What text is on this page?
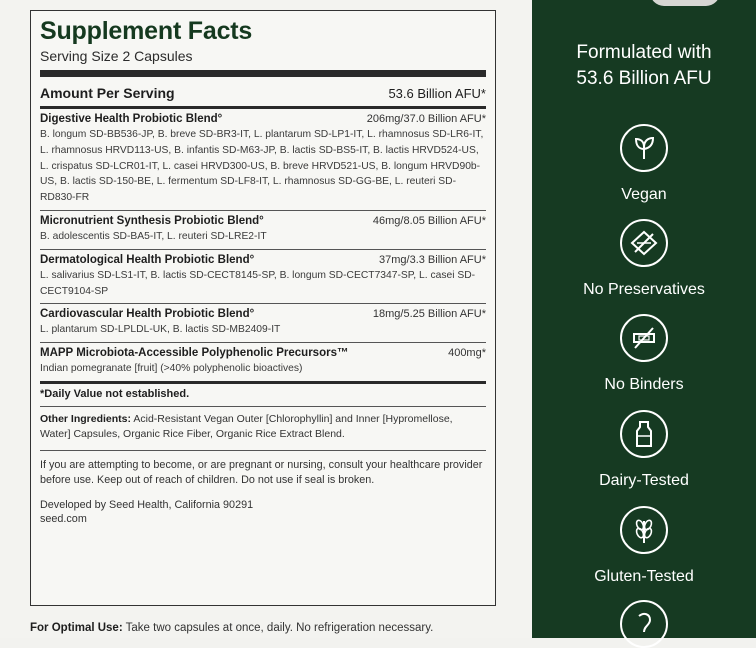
Supplement Facts
Serving Size 2 Capsules
Amount Per Serving	53.6 Billion AFU*
Digestive Health Probiotic Blend°	206mg/37.0 Billion AFU*
B. longum SD-BB536-JP, B. breve SD-BR3-IT, L. plantarum SD-LP1-IT, L. rhamnosus SD-LR6-IT, L. rhamnosus HRVD113-US, B. infantis SD-M63-JP, B. lactis SD-BS5-IT, B. lactis HRVD524-US, L. crispatus SD-LCR01-IT, L. casei HRVD300-US, B. breve HRVD521-US, B. longum HRVD90b-US, B. lactis SD-150-BE, L. fermentum SD-LF8-IT, L. rhamnosus SD-GG-BE, L. reuteri SD-RD830-FR
Micronutrient Synthesis Probiotic Blend°	46mg/8.05 Billion AFU*
B. adolescentis SD-BA5-IT, L. reuteri SD-LRE2-IT
Dermatological Health Probiotic Blend°	37mg/3.3 Billion AFU*
L. salivarius SD-LS1-IT, B. lactis SD-CECT8145-SP, B. longum SD-CECT7347-SP, L. casei SD-CECT9104-SP
Cardiovascular Health Probiotic Blend°	18mg/5.25 Billion AFU*
L. plantarum SD-LPLDL-UK, B. lactis SD-MB2409-IT
MAPP Microbiota-Accessible Polyphenolic Precursors™	400mg*
Indian pomegranate [fruit] (>40% polyphenolic bioactives)
*Daily Value not established.
Other Ingredients: Acid-Resistant Vegan Outer [Chlorophyllin] and Inner [Hypromellose, Water] Capsules, Organic Rice Fiber, Organic Rice Extract Blend.
If you are attempting to become, or are pregnant or nursing, consult your healthcare provider before use. Keep out of reach of children. Do not use if seal is broken.
Developed by Seed Health, California 90291
seed.com
For Optimal Use: Take two capsules at once, daily. No refrigeration necessary.
Formulated with
53.6 Billion AFU
Vegan
No Preservatives
No Binders
Dairy-Tested
Gluten-Tested
